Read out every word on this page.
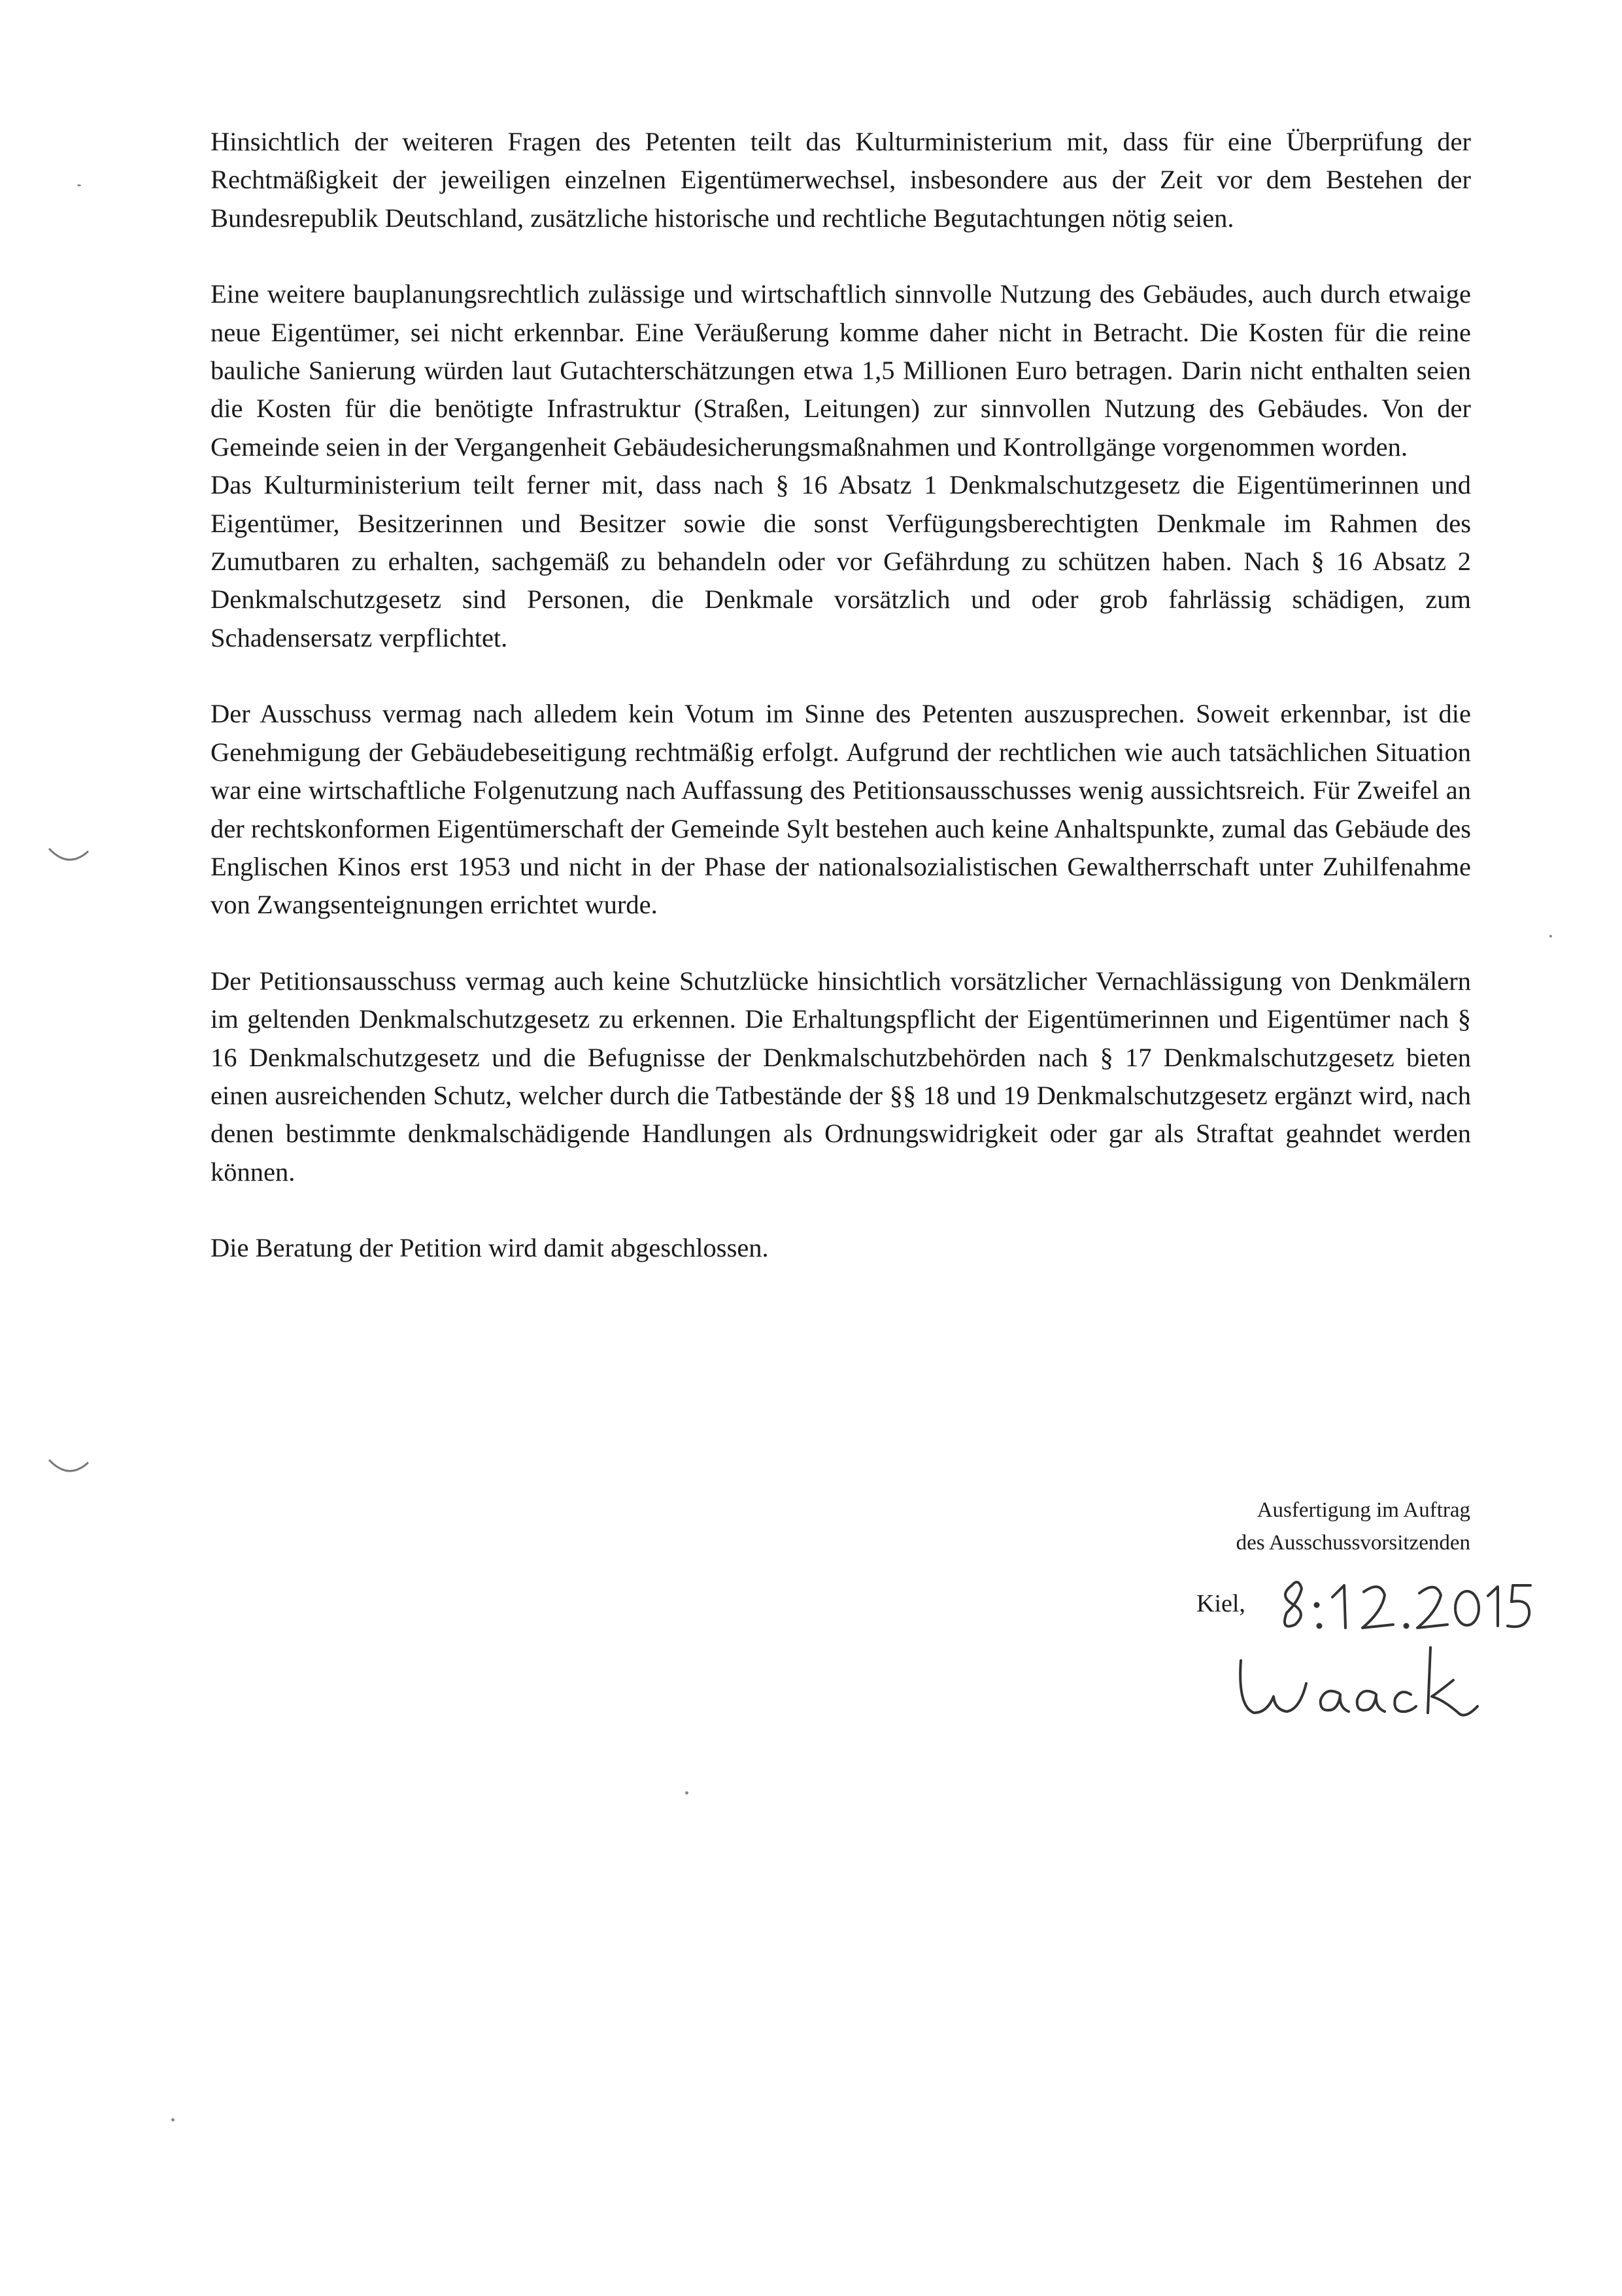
Hinsichtlich der weiteren Fragen des Petenten teilt das Kulturministerium mit, dass für eine Überprüfung der Rechtmäßigkeit der jeweiligen einzelnen Eigentümerwechsel, insbesondere aus der Zeit vor dem Bestehen der Bundesrepublik Deutschland, zusätzliche historische und rechtliche Begutachtungen nötig seien.

Eine weitere bauplanungsrechtlich zulässige und wirtschaftlich sinnvolle Nutzung des Gebäudes, auch durch etwaige neue Eigentümer, sei nicht erkennbar. Eine Veräußerung komme daher nicht in Betracht. Die Kosten für die reine bauliche Sanierung würden laut Gutachterschätzungen etwa 1,5 Millionen Euro betragen. Darin nicht enthalten seien die Kosten für die benötigte Infrastruktur (Straßen, Leitungen) zur sinnvollen Nutzung des Gebäudes. Von der Gemeinde seien in der Vergangenheit Gebäudesicherungsmaßnahmen und Kontrollgänge vorgenommen worden.

Das Kulturministerium teilt ferner mit, dass nach § 16 Absatz 1 Denkmalschutzgesetz die Eigentümerinnen und Eigentümer, Besitzerinnen und Besitzer sowie die sonst Verfügungsberechtigten Denkmale im Rahmen des Zumutbaren zu erhalten, sachgemäß zu behandeln oder vor Gefährdung zu schützen haben. Nach § 16 Absatz 2 Denkmalschutzgesetz sind Personen, die Denkmale vorsätzlich und oder grob fahrlässig schädigen, zum Schadensersatz verpflichtet.

Der Ausschuss vermag nach alledem kein Votum im Sinne des Petenten auszusprechen. Soweit erkennbar, ist die Genehmigung der Gebäudebeseitigung rechtmäßig erfolgt. Aufgrund der rechtlichen wie auch tatsächlichen Situation war eine wirtschaftliche Folgenutzung nach Auffassung des Petitionsausschusses wenig aussichtsreich. Für Zweifel an der rechtskonformen Eigentümerschaft der Gemeinde Sylt bestehen auch keine Anhaltspunkte, zumal das Gebäude des Englischen Kinos erst 1953 und nicht in der Phase der nationalsozialistischen Gewaltherrschaft unter Zuhilfenahme von Zwangsenteignungen errichtet wurde.

Der Petitionsausschuss vermag auch keine Schutzlücke hinsichtlich vorsätzlicher Vernachlässigung von Denkmälern im geltenden Denkmalschutzgesetz zu erkennen. Die Erhaltungspflicht der Eigentümerinnen und Eigentümer nach § 16 Denkmalschutzgesetz und die Befugnisse der Denkmalschutzbehörden nach § 17 Denkmalschutzgesetz bieten einen ausreichenden Schutz, welcher durch die Tatbestände der §§ 18 und 19 Denkmalschutzgesetz ergänzt wird, nach denen bestimmte denkmalschädigende Handlungen als Ordnungswidrigkeit oder gar als Straftat geahndet werden können.

Die Beratung der Petition wird damit abgeschlossen.

Ausfertigung im Auftrag
des Ausschussvorsitzenden
Kiel,
